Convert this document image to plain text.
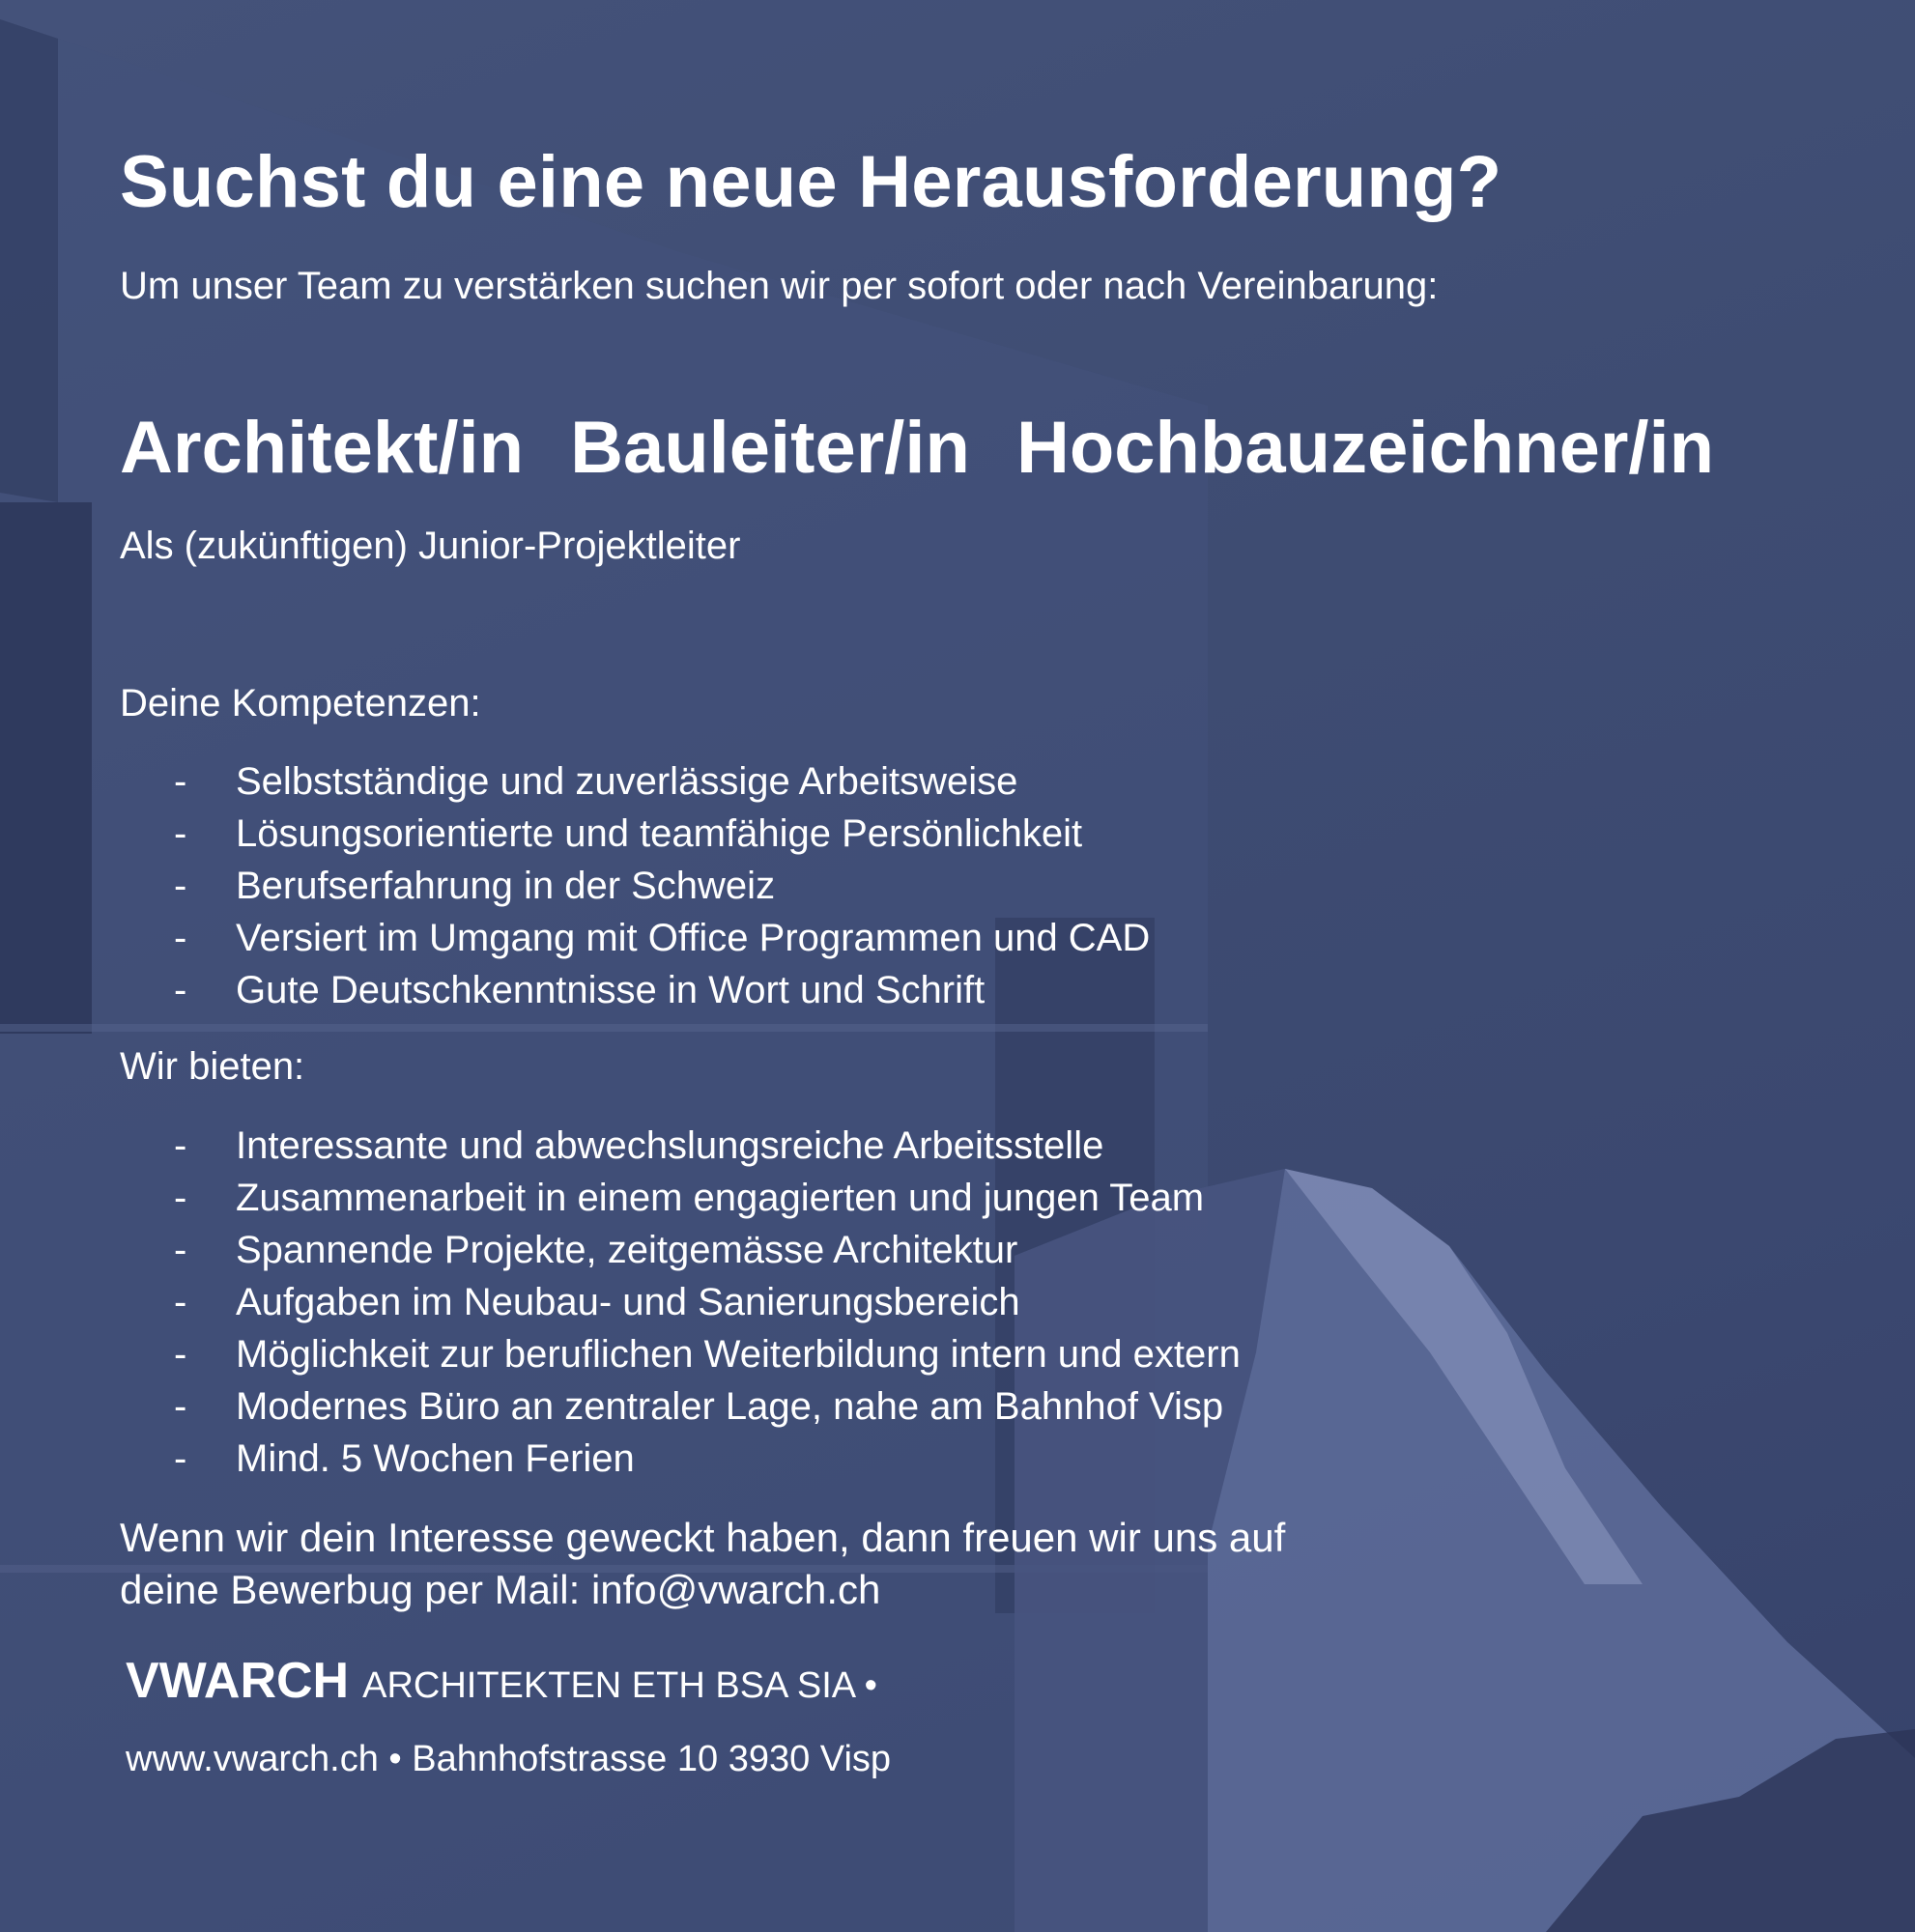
Suchst du eine neue Herausforderung?
Um unser Team zu verstärken suchen wir per sofort oder nach Vereinbarung:
Architekt/in Bauleiter/in Hochbauzeichner/in
Als (zukünftigen) Junior-Projektleiter
Deine Kompetenzen:
-	Selbstständige und zuverlässige Arbeitsweise
-	Lösungsorientierte und teamfähige Persönlichkeit
-	Berufserfahrung in der Schweiz
-	Versiert im Umgang mit Office Programmen und CAD
-	Gute Deutschkenntnisse in Wort und Schrift
Wir bieten:
-	Interessante und abwechslungsreiche Arbeitsstelle
-	Zusammenarbeit in einem engagierten und jungen Team
-	Spannende Projekte, zeitgemässe Architektur
-	Aufgaben im Neubau- und Sanierungsbereich
-	Möglichkeit zur beruflichen Weiterbildung intern und extern
-	Modernes Büro an zentraler Lage, nahe am Bahnhof Visp
-	Mind. 5 Wochen Ferien
Wenn wir dein Interesse geweckt haben, dann freuen wir uns auf
deine Bewerbug per Mail: info@vwarch.ch
VWARCH ARCHITEKTEN ETH BSA SIA •
www.vwarch.ch • Bahnhofstrasse 10 3930 Visp
